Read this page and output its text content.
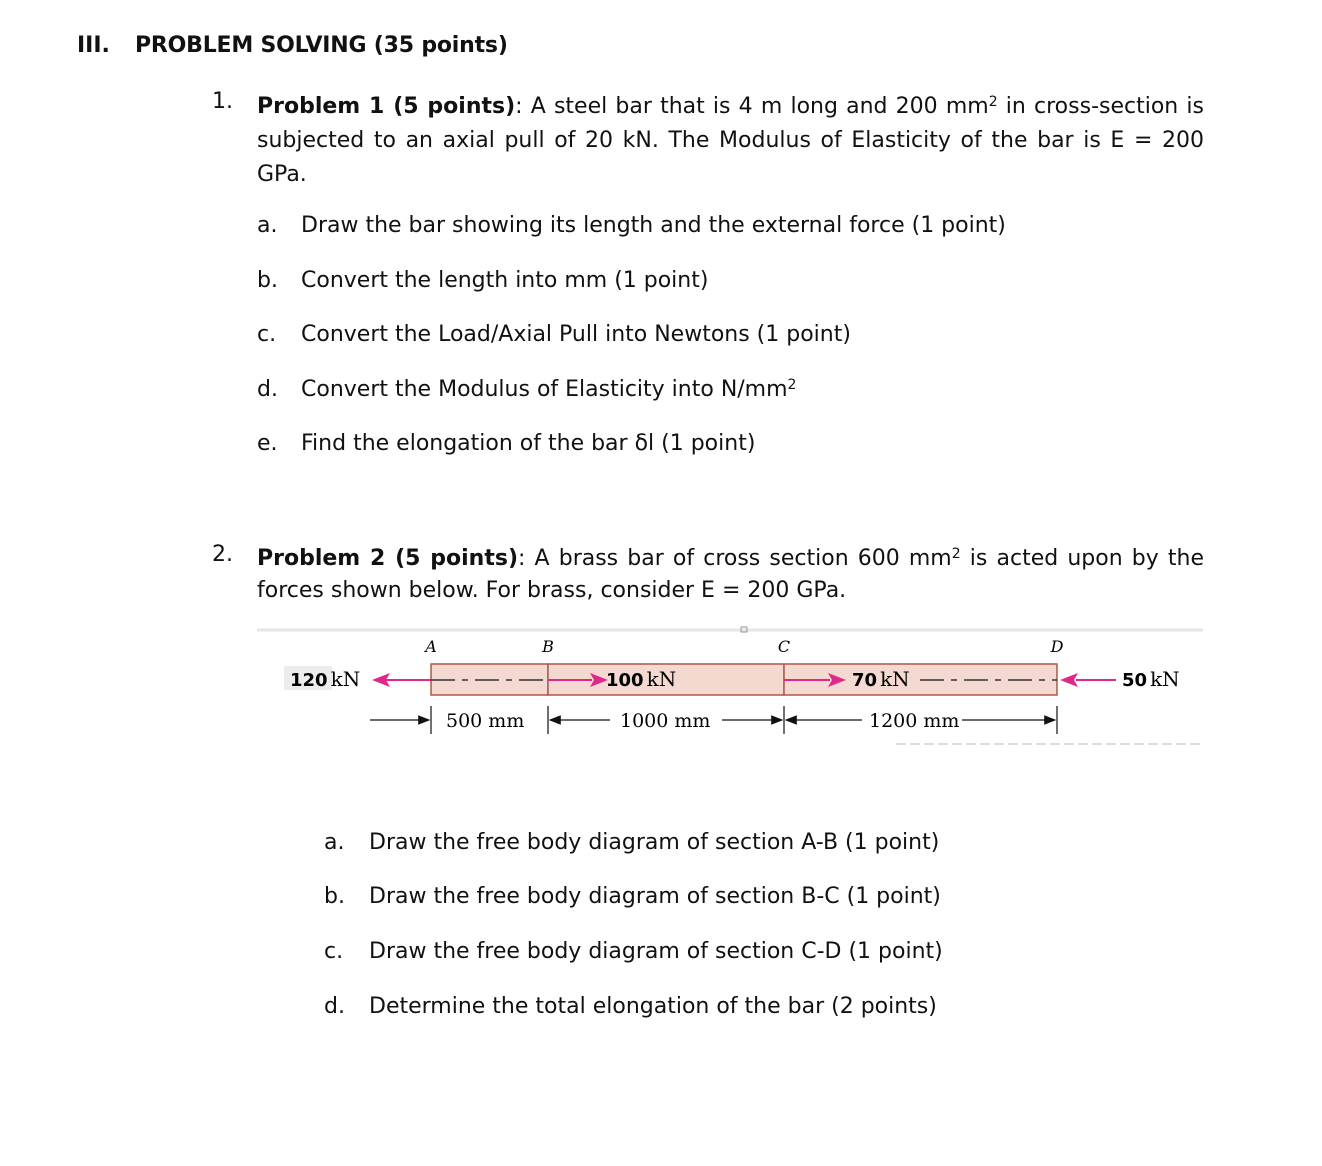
III. PROBLEM SOLVING (35 points)
1. Problem 1 (5 points): A steel bar that is 4 m long and 200 $mm^2$ in cross-section is subjected to an axial pull of 20 kN. The Modulus of Elasticity of the bar is E = 200 GPa.
a. Draw the bar showing its length and the external force (1 point)
b. Convert the length into mm (1 point)
c. Convert the Load/Axial Pull into Newtons (1 point)
d. Convert the Modulus of Elasticity into $N/mm^2$
e. Find the elongation of the bar δl (1 point)
2. Problem 2 (5 points): A brass bar of cross section 600 $mm^2$ is acted upon by the forces shown below. For brass, consider E = 200 GPa.
A	B	C	D
120 kN	100 kN	70 kN	50 kN
500 mm	1000 mm	1200 mm
a. Draw the free body diagram of section A-B (1 point)
b. Draw the free body diagram of section B-C (1 point)
c. Draw the free body diagram of section C-D (1 point)
d. Determine the total elongation of the bar (2 points)
